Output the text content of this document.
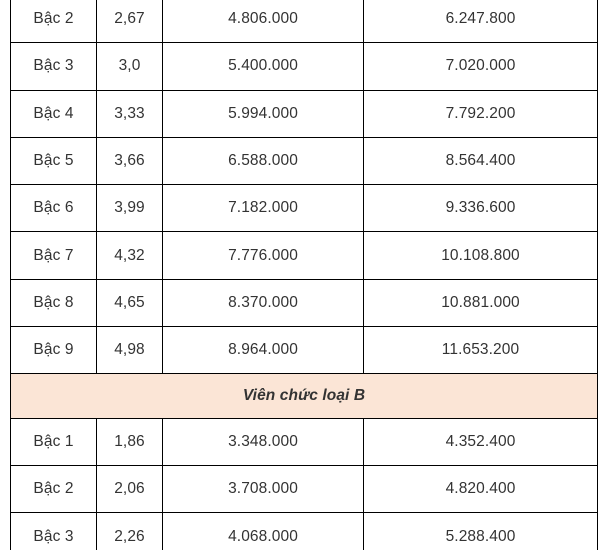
Bậc 2	2,67	4.806.000	6.247.800
Bậc 3	3,0	5.400.000	7.020.000
Bậc 4	3,33	5.994.000	7.792.200
Bậc 5	3,66	6.588.000	8.564.400
Bậc 6	3,99	7.182.000	9.336.600
Bậc 7	4,32	7.776.000	10.108.800
Bậc 8	4,65	8.370.000	10.881.000
Bậc 9	4,98	8.964.000	11.653.200
Viên chức loại B			
Bậc 1	1,86	3.348.000	4.352.400
Bậc 2	2,06	3.708.000	4.820.400
Bậc 3	2,26	4.068.000	5.288.400
